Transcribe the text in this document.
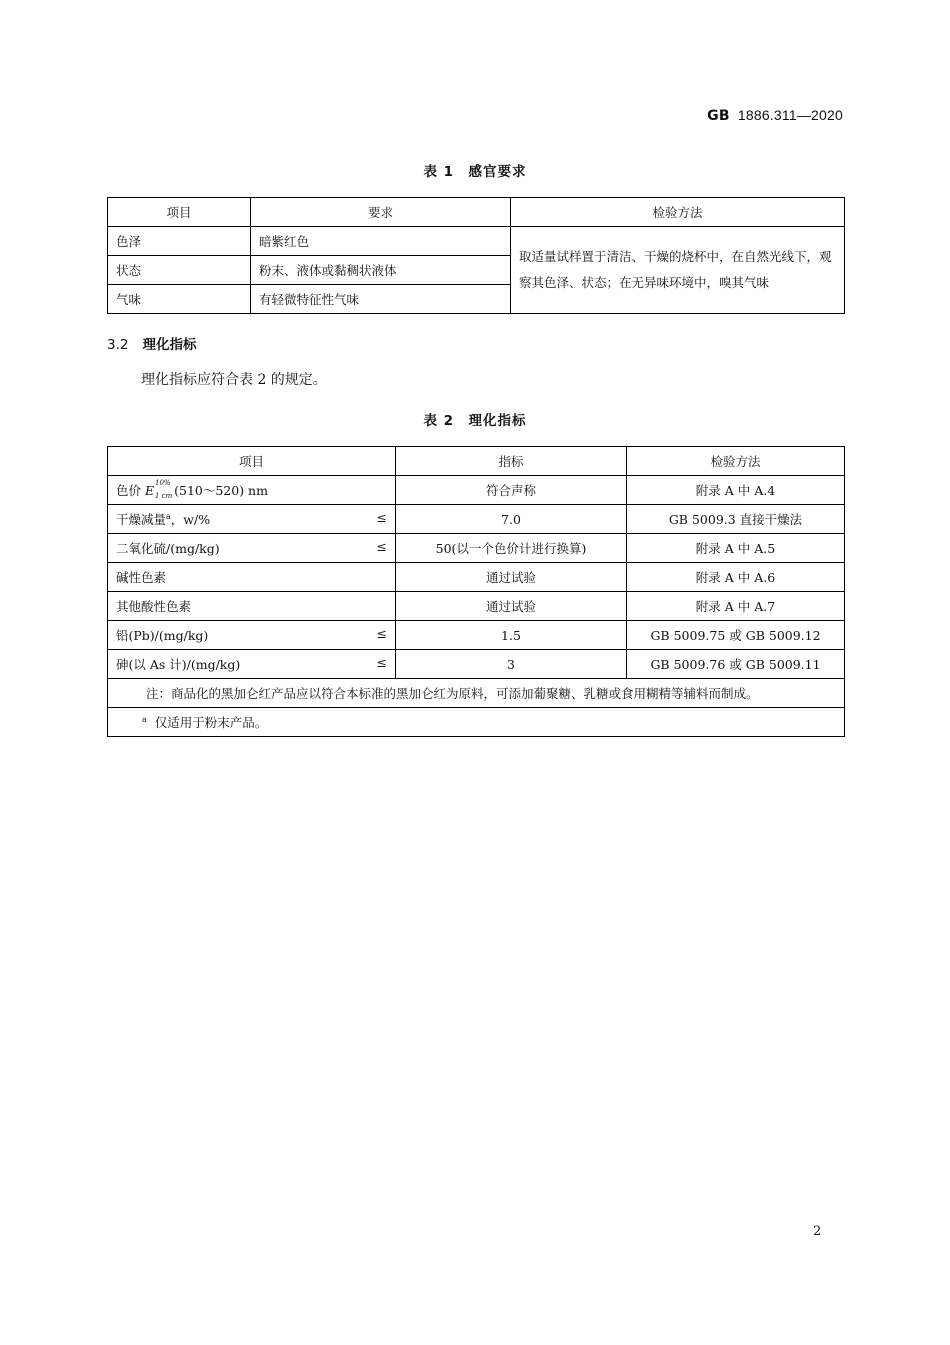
GB 1886.311—2020
表 1　感官要求
项目	要求	检验方法
色泽	暗紫红色	取适量试样置于清洁、干燥的烧杯中，在自然光线下，观察其色泽、状态；在无异味环境中，嗅其气味
状态	粉末、液体或黏稠状液体	
气味	有轻微特征性气味	
3.2 理化指标
理化指标应符合表 2 的规定。
表 2　理化指标
项目	指标	检验方法
色价 E 10%
1 cm (510～520) nm	符合声称	附录 A 中 A.4
干燥减量$^a$，w/% ≤	7.0	GB 5009.3 直接干燥法
二氧化硫/(mg/kg) ≤	50(以一个色价计进行换算)	附录 A 中 A.5
碱性色素	通过试验	附录 A 中 A.6
其他酸性色素	通过试验	附录 A 中 A.7
铅(Pb)/(mg/kg) ≤	1.5	GB 5009.75 或 GB 5009.12
砷(以 As 计)/(mg/kg) ≤	3	GB 5009.76 或 GB 5009.11
注：商品化的黑加仑红产品应以符合本标准的黑加仑红为原料，可添加葡聚糖、乳糖或食用糊精等辅料而制成。		
$^a$ 仅适用于粉末产品。		
2
